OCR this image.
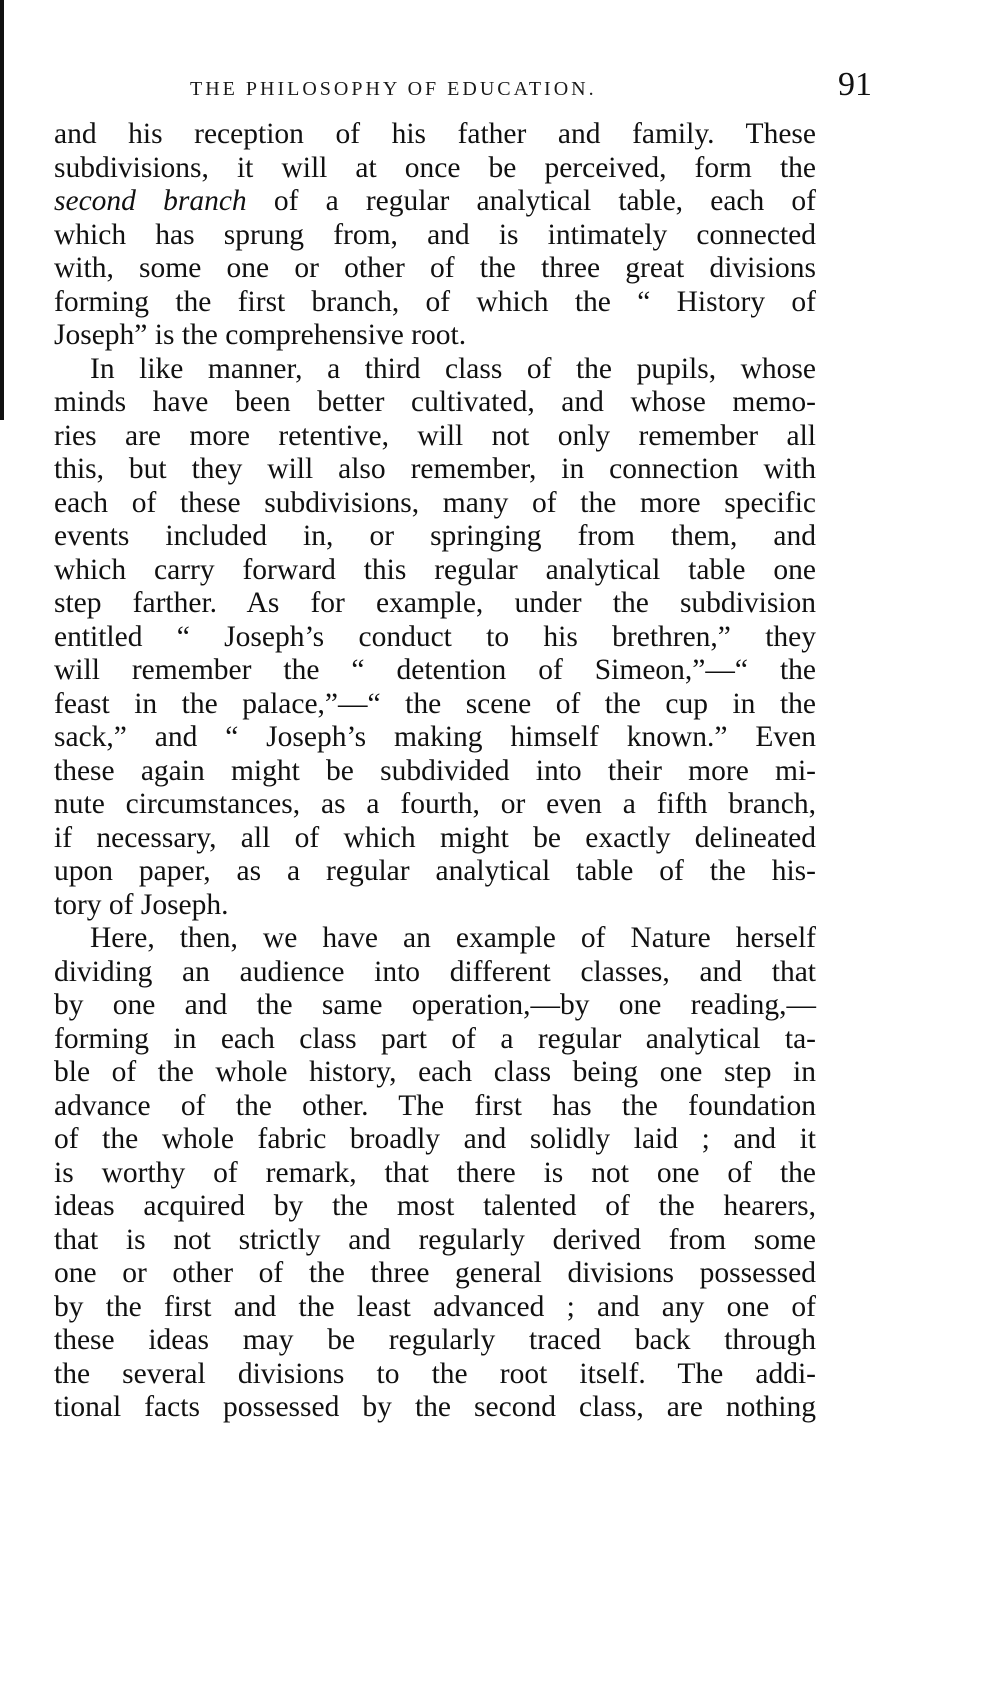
THE PHILOSOPHY OF EDUCATION.	91
and his reception of his father and family. These
subdivisions, it will at once be perceived, form the
second branch of a regular analytical table, each of
which has sprung from, and is intimately connected
with, some one or other of the three great divisions
forming the first branch, of which the “ History of
Joseph” is the comprehensive root.
In like manner, a third class of the pupils, whose
minds have been better cultivated, and whose memo-
ries are more retentive, will not only remember all
this, but they will also remember, in connection with
each of these subdivisions, many of the more specific
events included in, or springing from them, and
which carry forward this regular analytical table one
step farther. As for example, under the subdivision
entitled “ Joseph’s conduct to his brethren,” they
will remember the “ detention of Simeon,”—“ the
feast in the palace,”—“ the scene of the cup in the
sack,” and “ Joseph’s making himself known.” Even
these again might be subdivided into their more mi-
nute circumstances, as a fourth, or even a fifth branch,
if necessary, all of which might be exactly delineated
upon paper, as a regular analytical table of the his-
tory of Joseph.
Here, then, we have an example of Nature herself
dividing an audience into different classes, and that
by one and the same operation,—by one reading,—
forming in each class part of a regular analytical ta-
ble of the whole history, each class being one step in
advance of the other. The first has the foundation
of the whole fabric broadly and solidly laid ; and it
is worthy of remark, that there is not one of the
ideas acquired by the most talented of the hearers,
that is not strictly and regularly derived from some
one or other of the three general divisions possessed
by the first and the least advanced ; and any one of
these ideas may be regularly traced back through
the several divisions to the root itself. The addi-
tional facts possessed by the second class, are nothing
